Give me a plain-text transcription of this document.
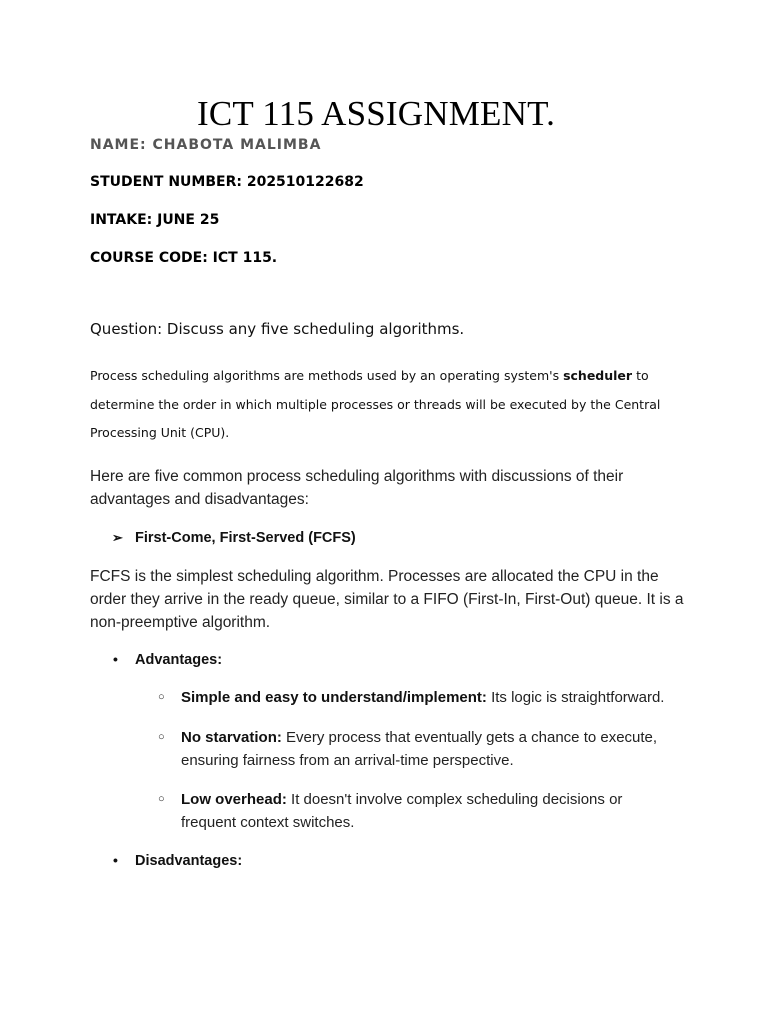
ICT 115 ASSIGNMENT.
NAME: CHABOTA MALIMBA
STUDENT NUMBER: 202510122682
INTAKE: JUNE 25
COURSE CODE: ICT 115.
Question: Discuss any five scheduling algorithms.
Process scheduling algorithms are methods used by an operating system's scheduler to determine the order in which multiple processes or threads will be executed by the Central Processing Unit (CPU).
Here are five common process scheduling algorithms with discussions of their advantages and disadvantages:
➢ First-Come, First-Served (FCFS)
FCFS is the simplest scheduling algorithm. Processes are allocated the CPU in the order they arrive in the ready queue, similar to a FIFO (First-In, First-Out) queue. It is a non-preemptive algorithm.
• Advantages:
○ Simple and easy to understand/implement: Its logic is straightforward.
○ No starvation: Every process that eventually gets a chance to execute, ensuring fairness from an arrival-time perspective.
○ Low overhead: It doesn't involve complex scheduling decisions or frequent context switches.
• Disadvantages:
